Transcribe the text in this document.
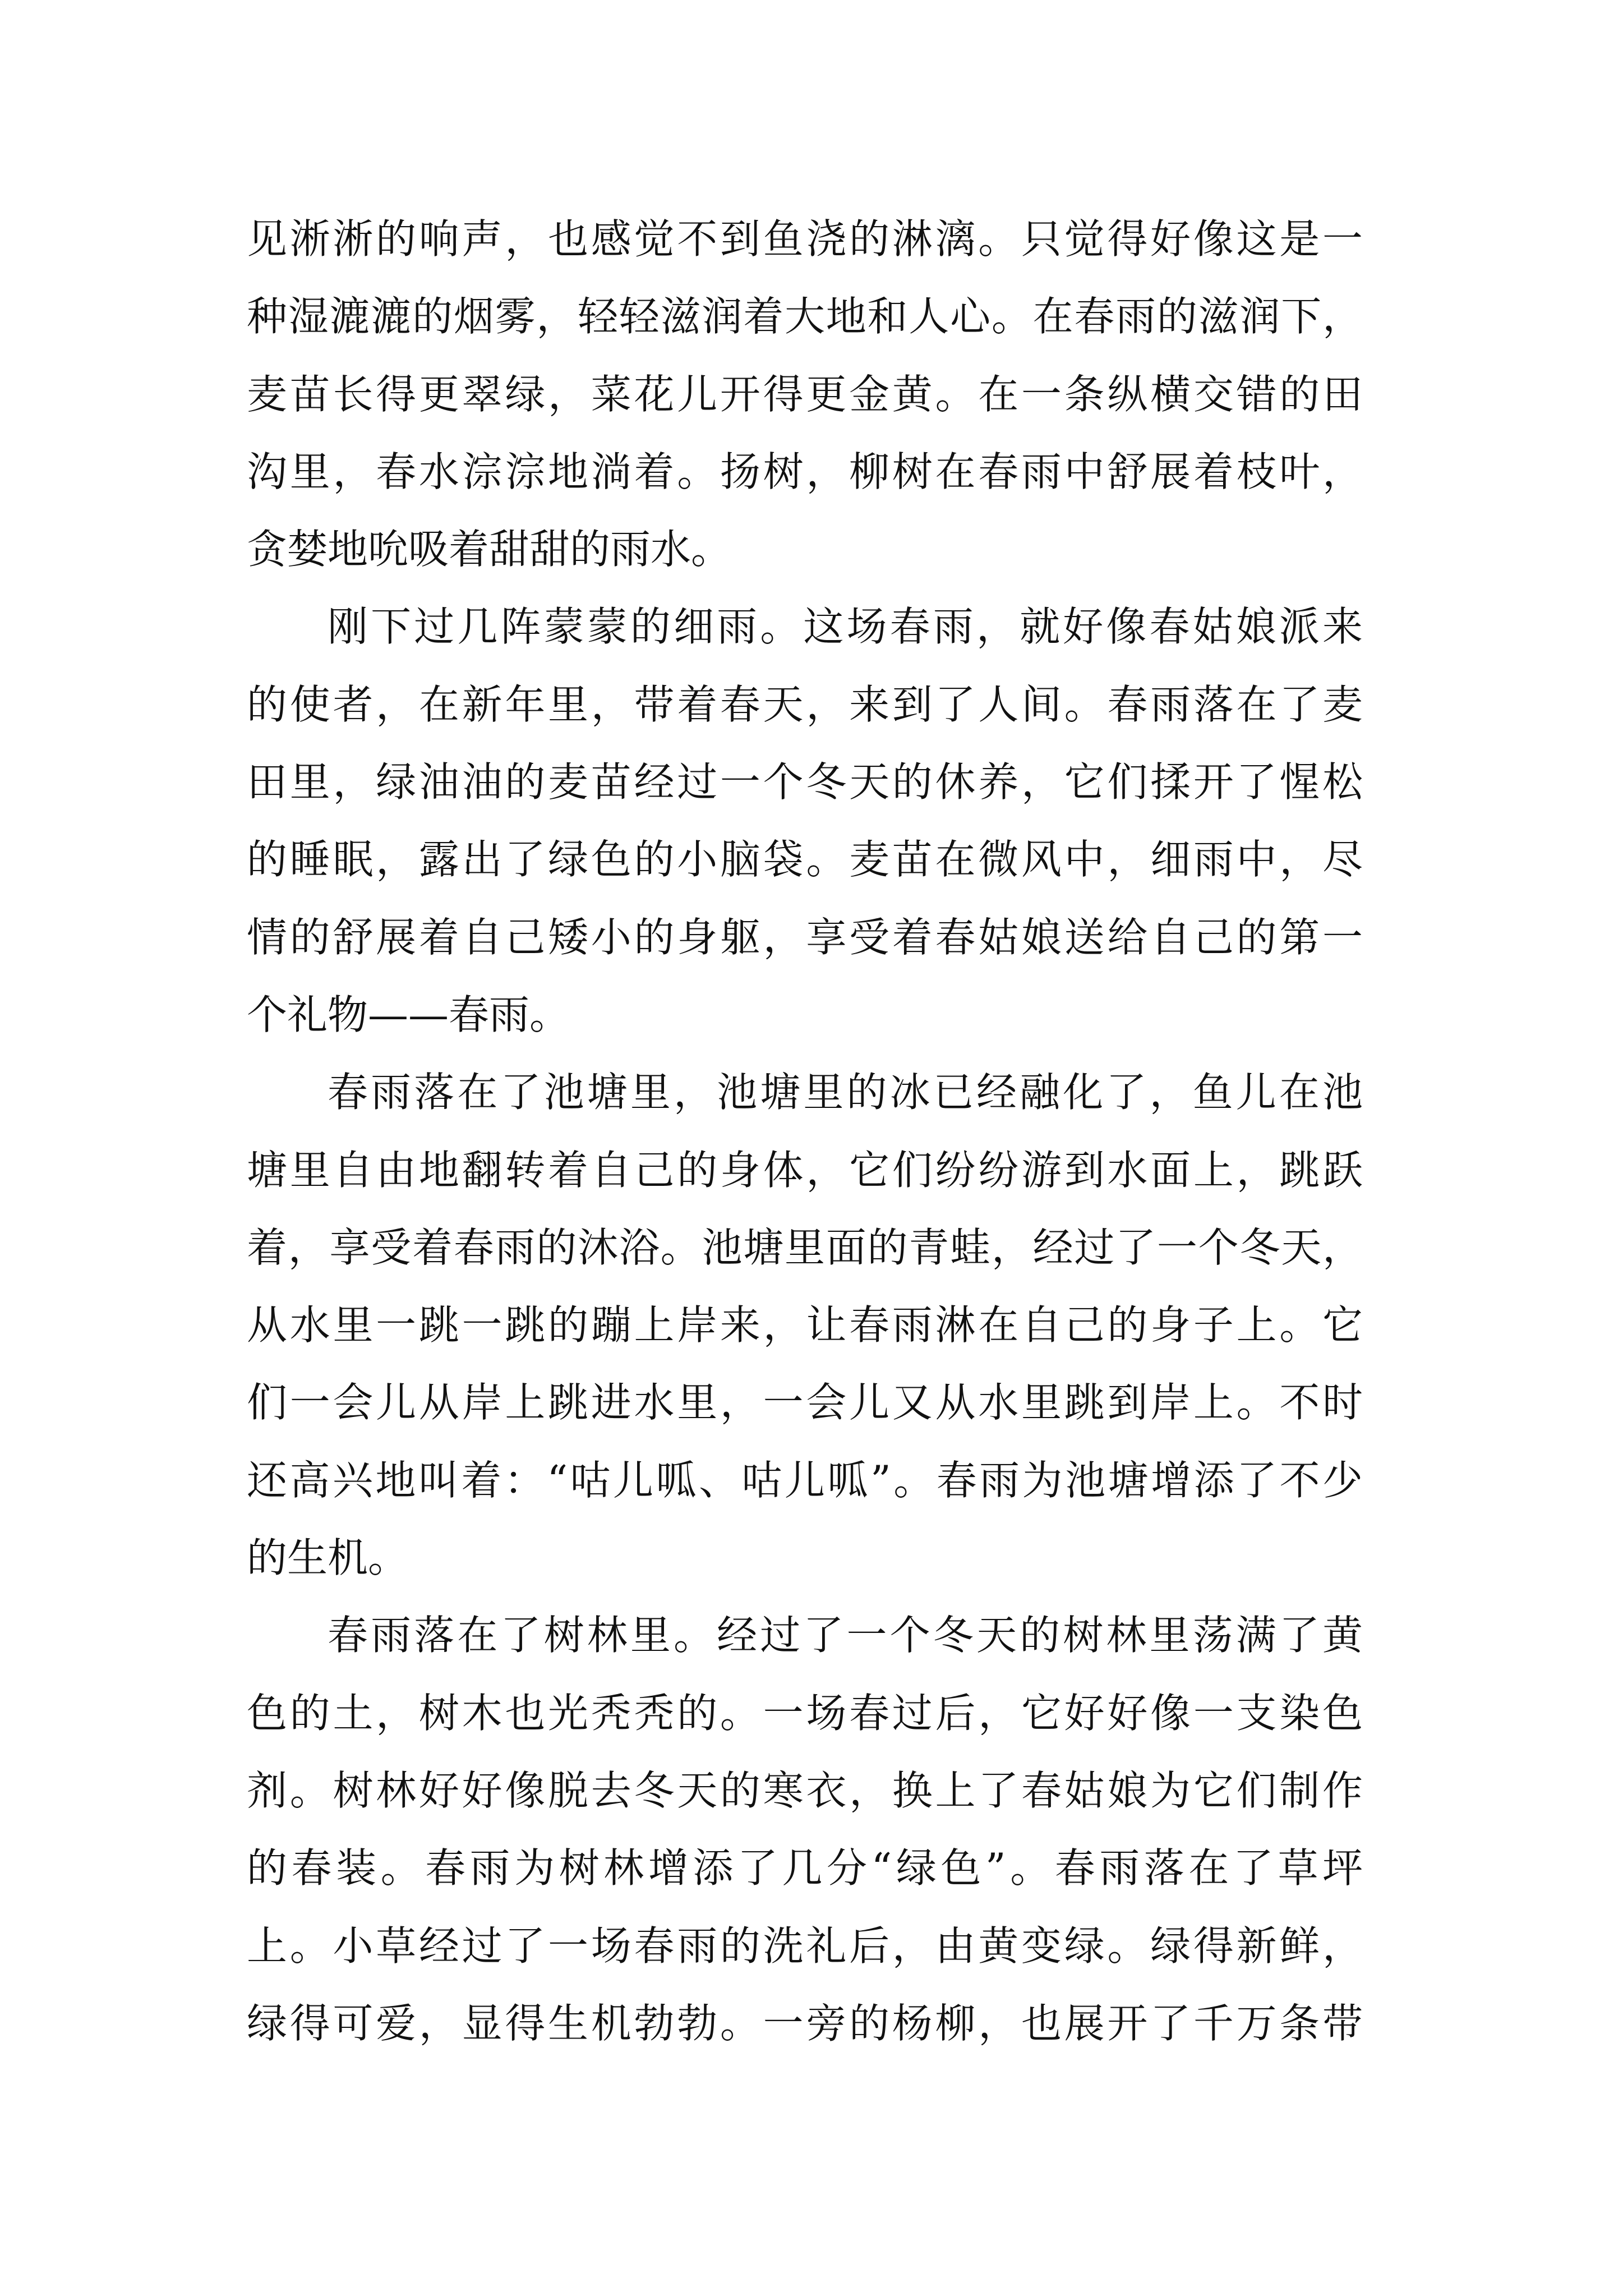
见淅淅的响声，也感觉不到鱼浇的淋漓。只觉得好像这是一
种湿漉漉的烟雾，轻轻滋润着大地和人心。在春雨的滋润下，
麦苗长得更翠绿，菜花儿开得更金黄。在一条纵横交错的田
沟里，春水淙淙地淌着。扬树，柳树在春雨中舒展着枝叶，
贪婪地吮吸着甜甜的雨水。
刚下过几阵蒙蒙的细雨。这场春雨，就好像春姑娘派来
的使者，在新年里，带着春天，来到了人间。春雨落在了麦
田里，绿油油的麦苗经过一个冬天的休养，它们揉开了惺松
的睡眠，露出了绿色的小脑袋。麦苗在微风中，细雨中，尽
情的舒展着自己矮小的身躯，享受着春姑娘送给自己的第一
个礼物——春雨。
春雨落在了池塘里，池塘里的冰已经融化了，鱼儿在池
塘里自由地翻转着自己的身体，它们纷纷游到水面上，跳跃
着，享受着春雨的沐浴。池塘里面的青蛙，经过了一个冬天，
从水里一跳一跳的蹦上岸来，让春雨淋在自己的身子上。它
们一会儿从岸上跳进水里，一会儿又从水里跳到岸上。不时
还高兴地叫着：“咕儿呱、咕儿呱”。春雨为池塘增添了不少
的生机。
春雨落在了树林里。经过了一个冬天的树林里荡满了黄
色的土，树木也光秃秃的。一场春过后，它好好像一支染色
剂。树林好好像脱去冬天的寒衣，换上了春姑娘为它们制作
的春装。春雨为树林增添了几分“绿色”。春雨落在了草坪
上。小草经过了一场春雨的洗礼后，由黄变绿。绿得新鲜，
绿得可爱，显得生机勃勃。一旁的杨柳，也展开了千万条带
